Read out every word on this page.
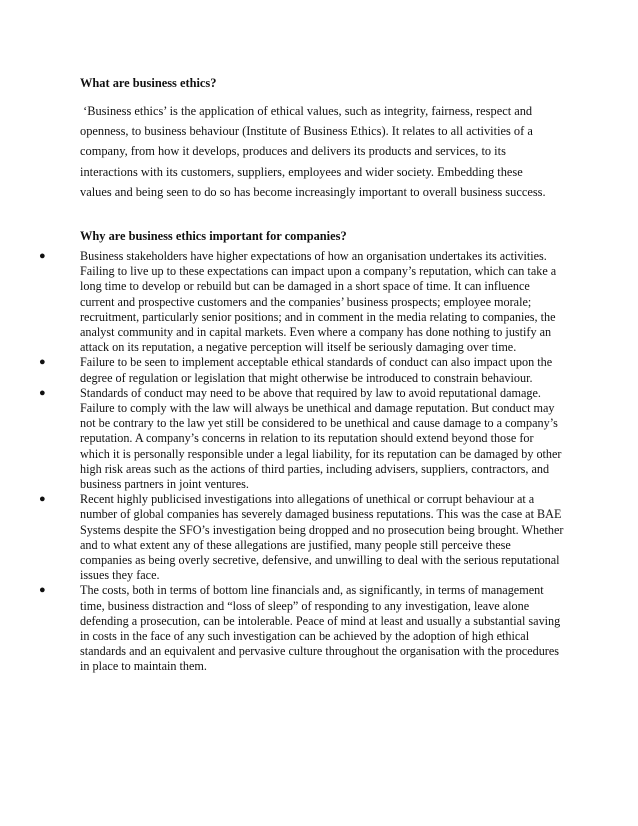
What are business ethics?

‘Business ethics’ is the application of ethical values, such as integrity, fairness, respect and openness, to business behaviour (Institute of Business Ethics). It relates to all activities of a company, from how it develops, produces and delivers its products and services, to its interactions with its customers, suppliers, employees and wider society. Embedding these values and being seen to do so has become increasingly important to overall business success.

Why are business ethics important for companies?
●	Business stakeholders have higher expectations of how an organisation undertakes its activities. Failing to live up to these expectations can impact upon a company’s reputation, which can take a long time to develop or rebuild but can be damaged in a short space of time. It can influence current and prospective customers and the companies’ business prospects; employee morale; recruitment, particularly senior positions; and in comment in the media relating to companies, the analyst community and in capital markets. Even where a company has done nothing to justify an attack on its reputation, a negative perception will itself be seriously damaging over time.
●	Failure to be seen to implement acceptable ethical standards of conduct can also impact upon the degree of regulation or legislation that might otherwise be introduced to constrain behaviour.
●	Standards of conduct may need to be above that required by law to avoid reputational damage. Failure to comply with the law will always be unethical and damage reputation. But conduct may not be contrary to the law yet still be considered to be unethical and cause damage to a company’s reputation. A company’s concerns in relation to its reputation should extend beyond those for which it is personally responsible under a legal liability, for its reputation can be damaged by other high risk areas such as the actions of third parties, including advisers, suppliers, contractors, and business partners in joint ventures.
●	Recent highly publicised investigations into allegations of unethical or corrupt behaviour at a number of global companies has severely damaged business reputations. This was the case at BAE Systems despite the SFO’s investigation being dropped and no prosecution being brought. Whether and to what extent any of these allegations are justified, many people still perceive these companies as being overly secretive, defensive, and unwilling to deal with the serious reputational issues they face.
●	The costs, both in terms of bottom line financials and, as significantly, in terms of management time, business distraction and “loss of sleep” of responding to any investigation, leave alone defending a prosecution, can be intolerable. Peace of mind at least and usually a substantial saving in costs in the face of any such investigation can be achieved by the adoption of high ethical standards and an equivalent and pervasive culture throughout the organisation with the procedures in place to maintain them.
